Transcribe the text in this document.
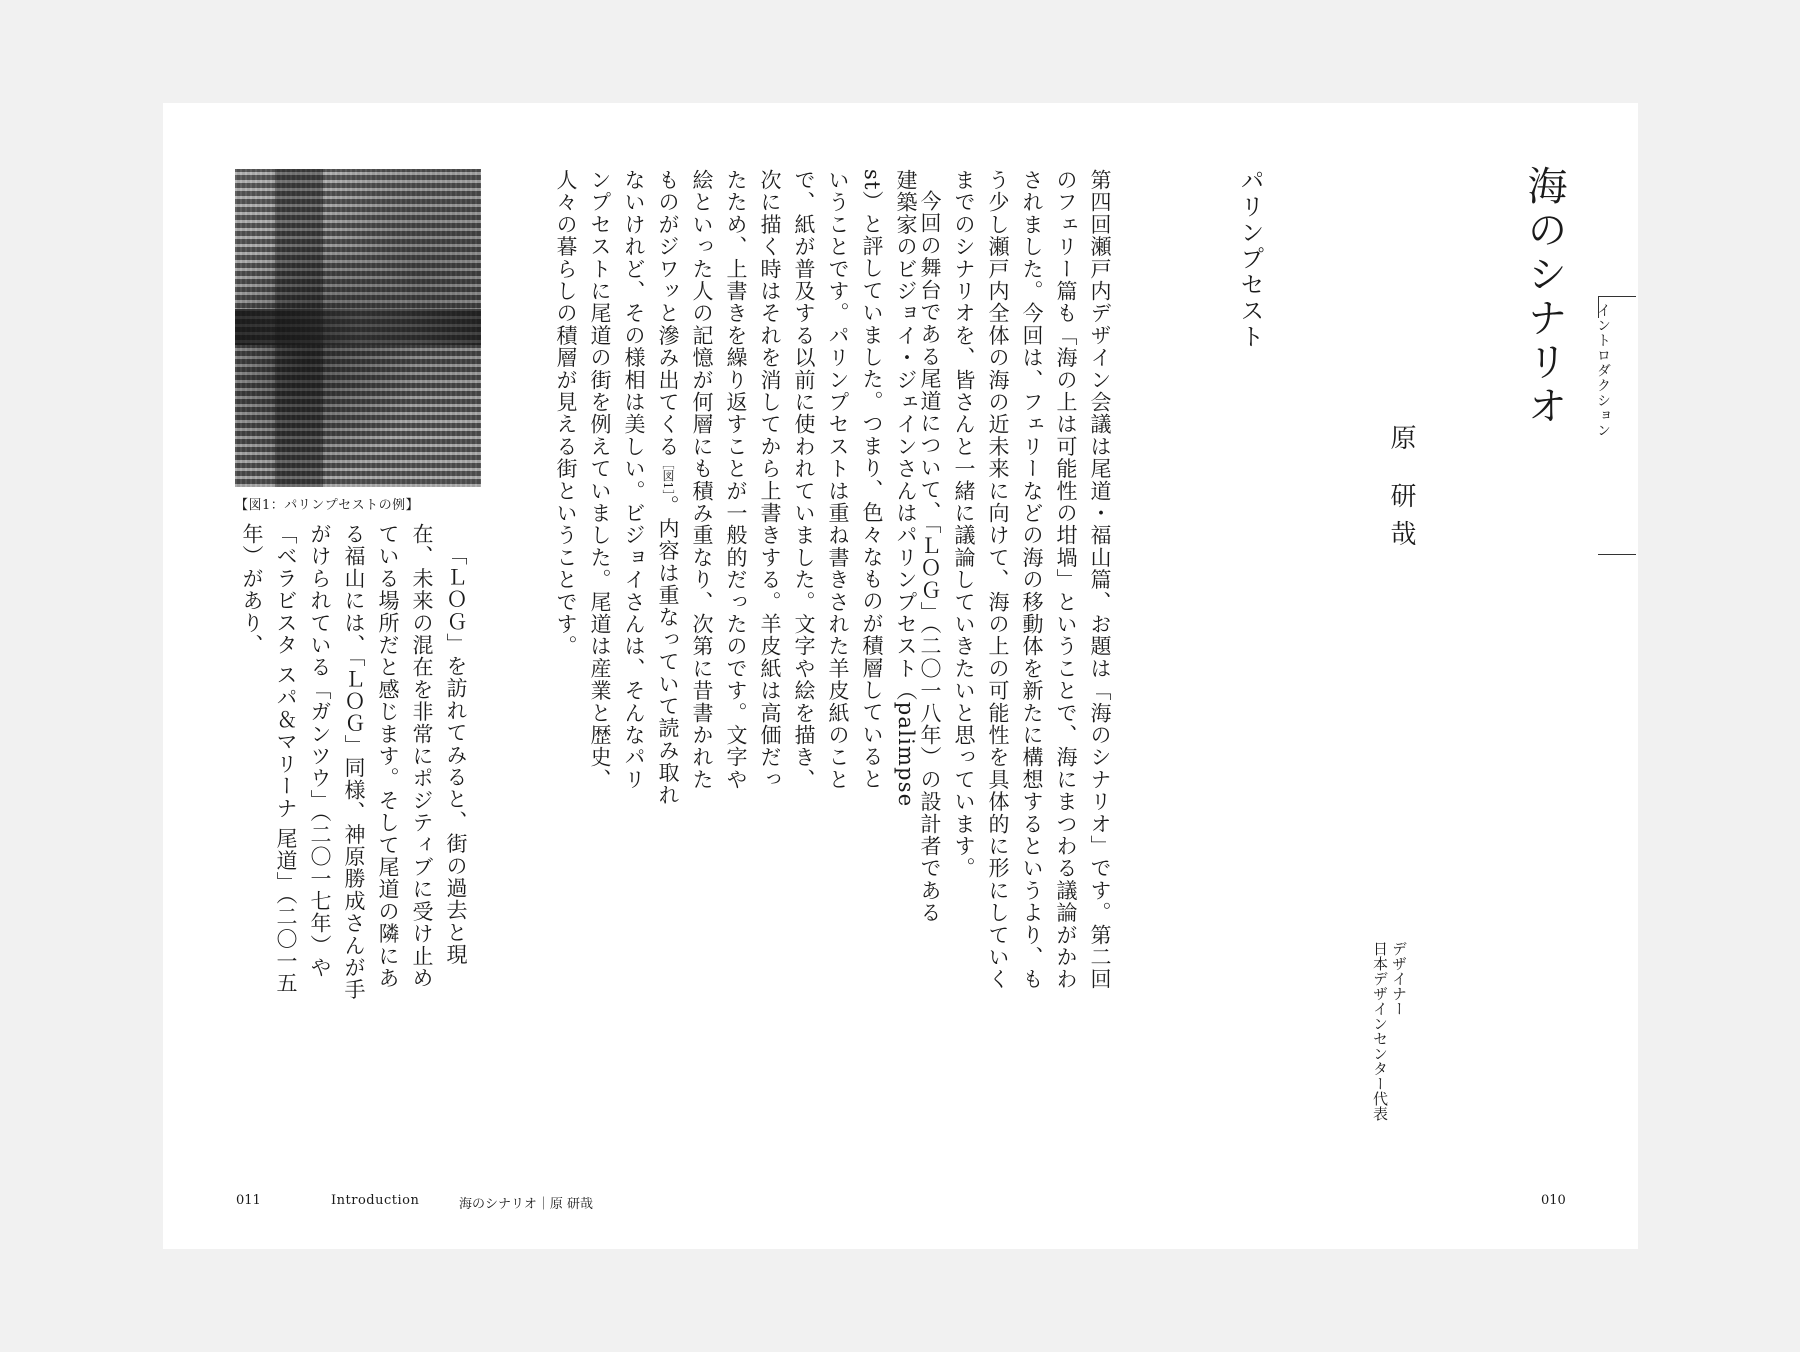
海のシナリオ イントロダクション
原 研哉
デザイナー
日本デザインセンター代表
パリンプセスト
第四回瀬戸内デザイン会議は尾道・福山篇、お題は「海のシナリオ」です。第二回のフェリー篇も「海の上は可能性の坩堝」ということで、海にまつわる議論がかわされました。今回は、フェリーなどの海の移動体を新たに構想するというより、もう少し瀬戸内全体の海の近未来に向けて、海の上の可能性を具体的に形にしていくまでのシナリオを、皆さんと一緒に議論していきたいと思っています。
今回の舞台である尾道について、「ＬＯＧ」（二〇一八年）の設計者である
建築家のビジョイ・ジェインさんはパリンプセスト（palimpsest）と評していました。つまり、色々なものが積層しているということです。パリンプセストは重ね書きされた羊皮紙のことで、紙が普及する以前に使われていました。文字や絵を描き、次に描く時はそれを消してから上書きする。羊皮紙は高価だったため、上書きを繰り返すことが一般的だったのです。文字や絵といった人の記憶が何層にも積み重なり、次第に昔書かれたものがジワッと滲み出てくる［図1］。内容は重なっていて読み取れないけれど、その様相は美しい。ビジョイさんは、そんなパリンプセストに尾道の街を例えていました。尾道は産業と歴史、人々の暮らしの積層が見える街ということです。
【図1：パリンプセストの例】
「ＬＯＧ」を訪れてみると、街の過去と現在、未来の混在を非常にポジティブに受け止めている場所だと感じます。そして尾道の隣にある福山には、「ＬＯＧ」同様、神原勝成さんが手がけられている「ガンツウ」（二〇一七年）や「ベラビスタ スパ＆マリーナ 尾道」（二〇一五年）があり、
011	Introduction	海のシナリオ｜原 研哉	010
